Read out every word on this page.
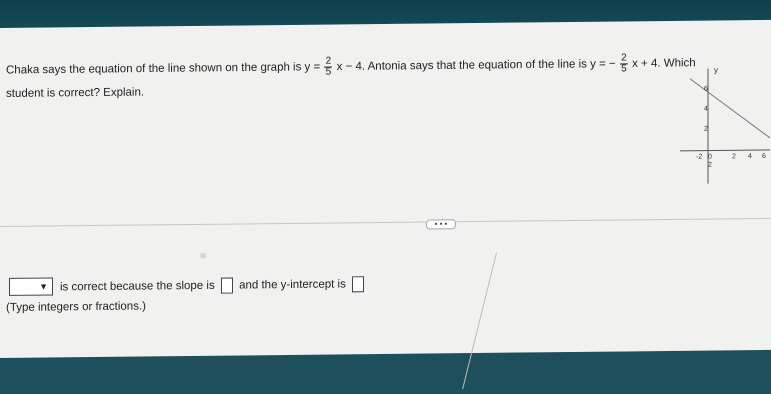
Chaka says the equation of the line shown on the graph is $y = \frac{2}{5}$ x − 4. Antonia says that the equation of the line is y = − $\frac{2}{5}$ x + 4. Which
student is correct? Explain.
y
6
4
2
-2 0
2
2 4 6
• • •
▼ is correct because the slope is and the y-intercept is
(Type integers or fractions.)
